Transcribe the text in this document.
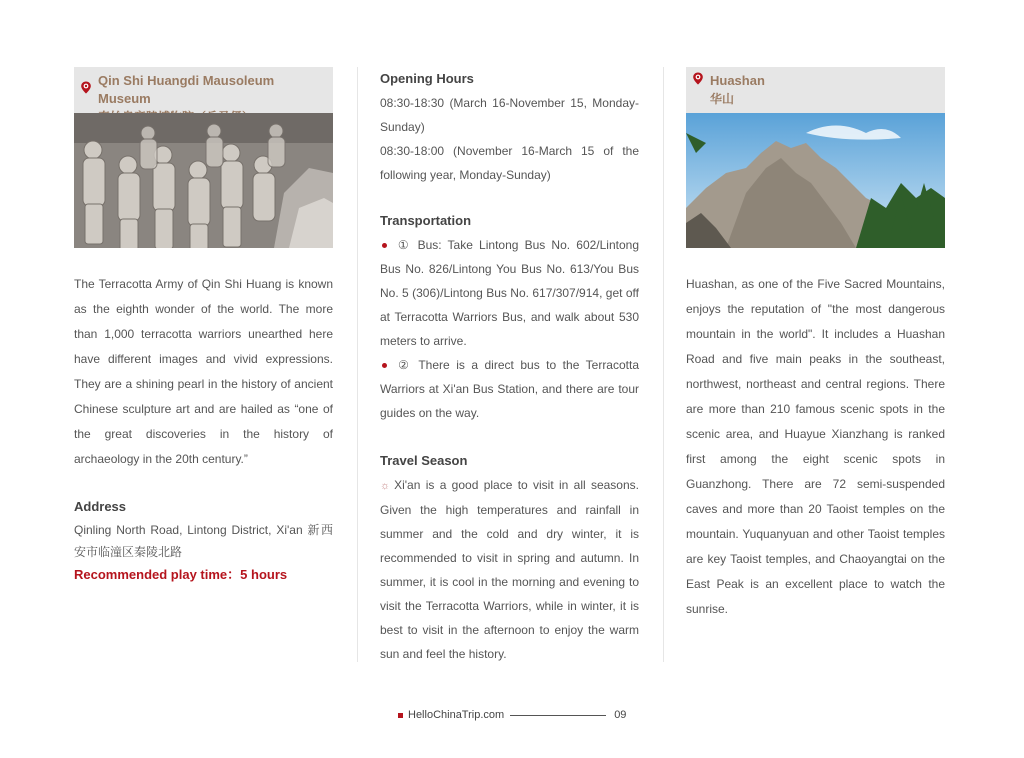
Qin Shi Huangdi Mausoleum Museum
The Terracotta Army of Qin Shi Huang is known as the eighth wonder of the world. The more than 1,000 terracotta warriors unearthed here have different images and vivid expressions. They are a shining pearl in the history of ancient Chinese sculpture art and are hailed as “one of the great discoveries in the history of archaeology in the 20th century.”
Address
Qinling North Road, Lintong District, Xi'an 新西安市临潼区秦陵北路
Recommended play time：5 hours
Opening Hours
08:30-18:30 (March 16-November 15, Monday-Sunday)
08:30-18:00 (November 16-March 15 of the following year, Monday-Sunday)
Transportation
① Bus: Take Lintong Bus No. 602/Lintong Bus No. 826/Lintong You Bus No. 613/You Bus No. 5 (306)/Lintong Bus No. 617/307/914, get off at Terracotta Warriors Bus, and walk about 530 meters to arrive.
② There is a direct bus to the Terracotta Warriors at Xi'an Bus Station, and there are tour guides on the way.
Travel Season
☼ Xi'an is a good place to visit in all seasons. Given the high temperatures and rainfall in summer and the cold and dry winter, it is recommended to visit in spring and autumn. In summer, it is cool in the morning and evening to visit the Terracotta Warriors, while in winter, it is best to visit in the afternoon to enjoy the warm sun and feel the history.
Huashan
华山
Huashan, as one of the Five Sacred Mountains, enjoys the reputation of "the most dangerous mountain in the world". It includes a Huashan Road and five main peaks in the southeast, northwest, northeast and central regions. There are more than 210 famous scenic spots in the scenic area, and Huayue Xianzhang is ranked first among the eight scenic spots in Guanzhong. There are 72 semi-suspended caves and more than 20 Taoist temples on the mountain. Yuquanyuan and other Taoist temples are key Taoist temples, and Chaoyangtai on the East Peak is an excellent place to watch the sunrise.
HelloChinaTrip.com	09
